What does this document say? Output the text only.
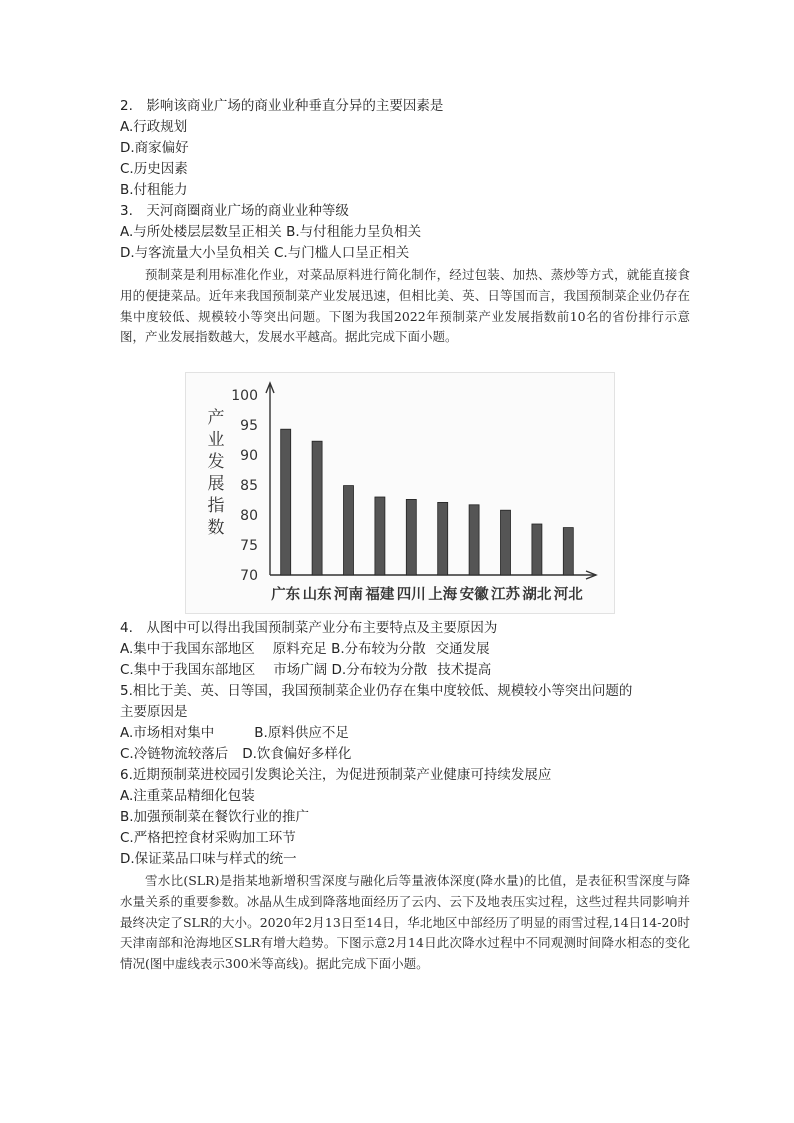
2.　影响该商业广场的商业业种垂直分异的主要因素是
A.行政规划
D.商家偏好
C.历史因素
B.付租能力
3.　天河商圈商业广场的商业业种等级
A.与所处楼层层数呈正相关 B.与付租能力呈负相关
D.与客流量大小呈负相关 C.与门槛人口呈正相关
预制菜是利用标准化作业，对菜品原料进行简化制作，经过包装、加热、蒸炒等方式，就能直接食用的便捷菜品。近年来我国预制菜产业发展迅速，但相比美、英、日等国而言，我国预制菜企业仍存在集中度较低、规模较小等突出问题。下图为我国2022年预制菜产业发展指数前10名的省份排行示意图，产业发展指数越大，发展水平越高。据此完成下面小题。
70
75
80
85
90
95
100
产
业
发
展
指
数
广东 山东 河南 福建 四川 上海 安徽 江苏 湖北 河北
4.　从图中可以得出我国预制菜产业分布主要特点及主要原因为
A.集中于我国东部地区 原料充足 B.分布较为分散 交通发展
C.集中于我国东部地区 市场广阔 D.分布较为分散 技术提高
5.相比于美、英、日等国，我国预制菜企业仍存在集中度较低、规模较小等突出问题的
主要原因是
A.市场相对集中	B.原料供应不足
C.冷链物流较落后 D.饮食偏好多样化
6.近期预制菜进校园引发舆论关注，为促进预制菜产业健康可持续发展应
A.注重菜品精细化包装
B.加强预制菜在餐饮行业的推广
C.严格把控食材采购加工环节
D.保证菜品口味与样式的统一
雪水比(SLR)是指某地新增积雪深度与融化后等量液体深度(降水量)的比值，是表征积雪深度与降水量关系的重要参数。冰晶从生成到降落地面经历了云内、云下及地表压实过程，这些过程共同影响并最终决定了SLR的大小。2020年2月13日至14日，华北地区中部经历了明显的雨雪过程,14日14-20时天津南部和沧海地区SLR有增大趋势。下图示意2月14日此次降水过程中不同观测时间降水相态的变化情况(图中虚线表示300米等高线)。据此完成下面小题。
